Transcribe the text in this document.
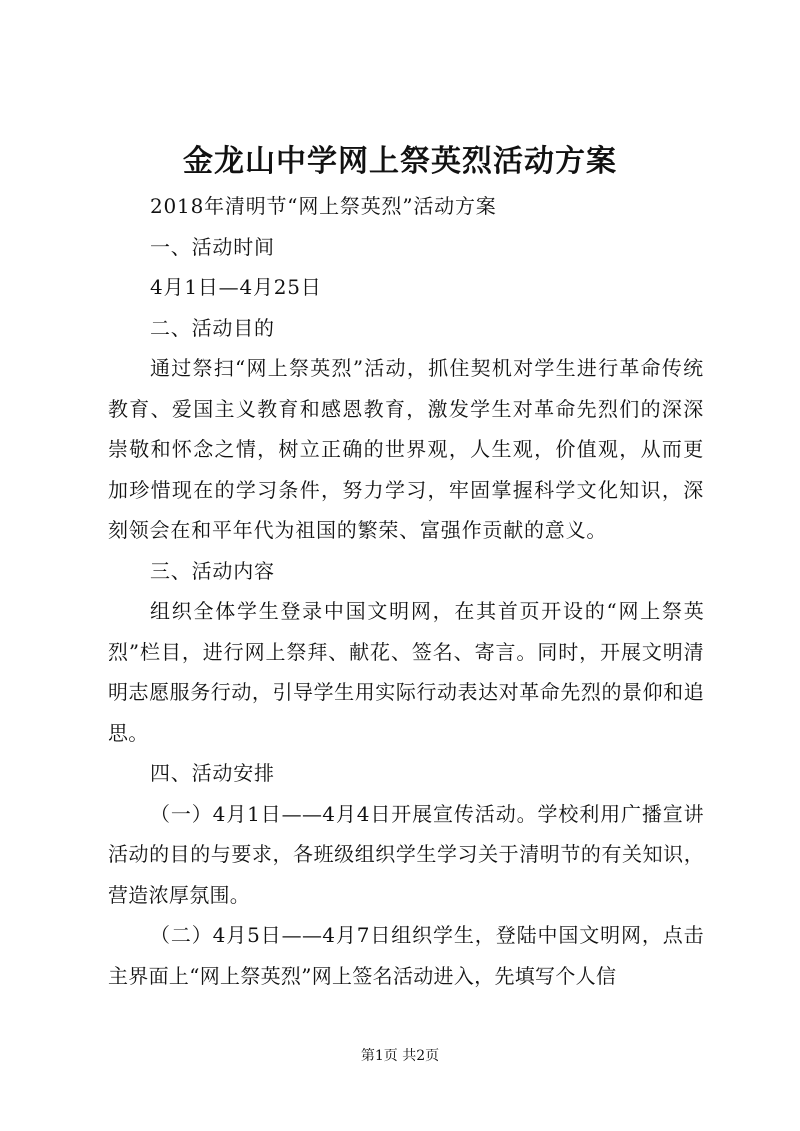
金龙山中学网上祭英烈活动方案

2018年清明节“网上祭英烈”活动方案

一、活动时间

4月1日—4月25日

二、活动目的

通过祭扫“网上祭英烈”活动，抓住契机对学生进行革命传统教育、爱国主义教育和感恩教育，激发学生对革命先烈们的深深崇敬和怀念之情，树立正确的世界观，人生观，价值观，从而更加珍惜现在的学习条件，努力学习，牢固掌握科学文化知识，深刻领会在和平年代为祖国的繁荣、富强作贡献的意义。

三、活动内容

组织全体学生登录中国文明网，在其首页开设的“网上祭英烈”栏目，进行网上祭拜、献花、签名、寄言。同时，开展文明清明志愿服务行动，引导学生用实际行动表达对革命先烈的景仰和追思。

四、活动安排

（一）4月1日——4月4日开展宣传活动。学校利用广播宣讲活动的目的与要求，各班级组织学生学习关于清明节的有关知识，营造浓厚氛围。

（二）4月5日——4月7日组织学生，登陆中国文明网，点击主界面上“网上祭英烈”网上签名活动进入，先填写个人信

第1页 共2页
